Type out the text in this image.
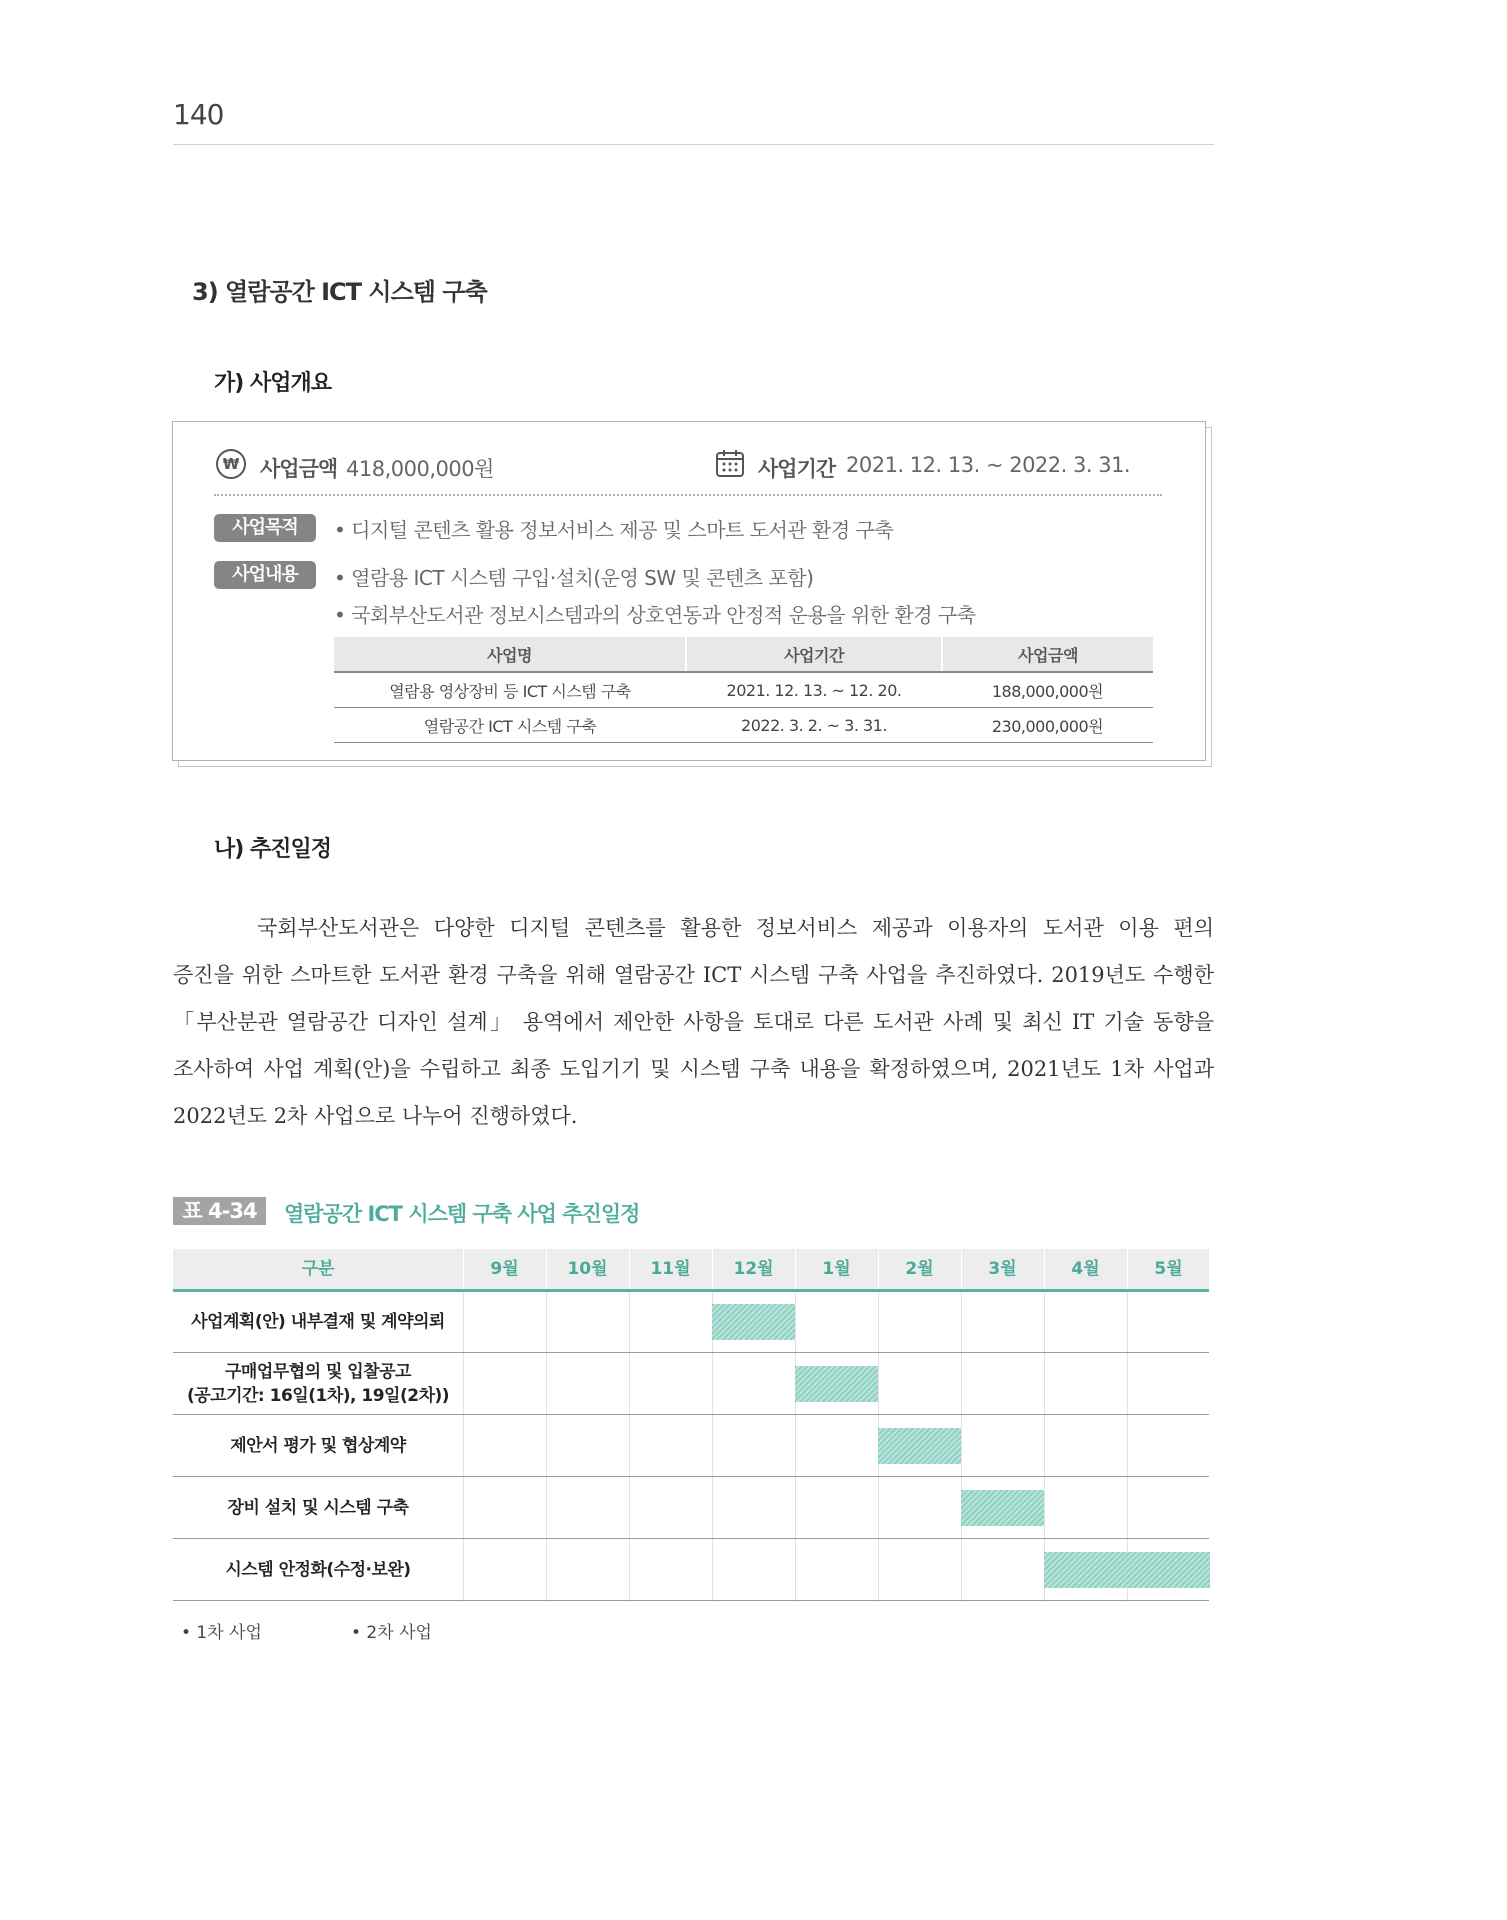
140
3) 열람공간 ICT 시스템 구축
가) 사업개요
₩ 사업금액 418,000,000원	사업기간 2021. 12. 13. ~ 2022. 3. 31.
사업목적	• 디지털 콘텐츠 활용 정보서비스 제공 및 스마트 도서관 환경 구축
사업내용	• 열람용 ICT 시스템 구입·설치(운영 SW 및 콘텐츠 포함)
• 국회부산도서관 정보시스템과의 상호연동과 안정적 운용을 위한 환경 구축
사업명	사업기간	사업금액
열람용 영상장비 등 ICT 시스템 구축	2021. 12. 13. ~ 12. 20.	188,000,000원
열람공간 ICT 시스템 구축	2022. 3. 2. ~ 3. 31.	230,000,000원
나) 추진일정
국회부산도서관은 다양한 디지털 콘텐츠를 활용한 정보서비스 제공과 이용자의 도서관 이용 편의
증진을 위한 스마트한 도서관 환경 구축을 위해 열람공간 ICT 시스템 구축 사업을 추진하였다. 2019년도 수행한
「부산분관 열람공간 디자인 설계」 용역에서 제안한 사항을 토대로 다른 도서관 사례 및 최신 IT 기술 동향을
조사하여 사업 계획(안)을 수립하고 최종 도입기기 및 시스템 구축 내용을 확정하였으며, 2021년도 1차 사업과
2022년도 2차 사업으로 나누어 진행하였다.
표 4-34	열람공간 ICT 시스템 구축 사업 추진일정
구분	9월	10월	11월	12월	1월	2월	3월	4월	5월
사업계획(안) 내부결재 및 계약의뢰
구매업무협의 및 입찰공고
(공고기간: 16일(1차), 19일(2차))
제안서 평가 및 협상계약
장비 설치 및 시스템 구축
시스템 안정화(수정·보완)
• 1차 사업	• 2차 사업
